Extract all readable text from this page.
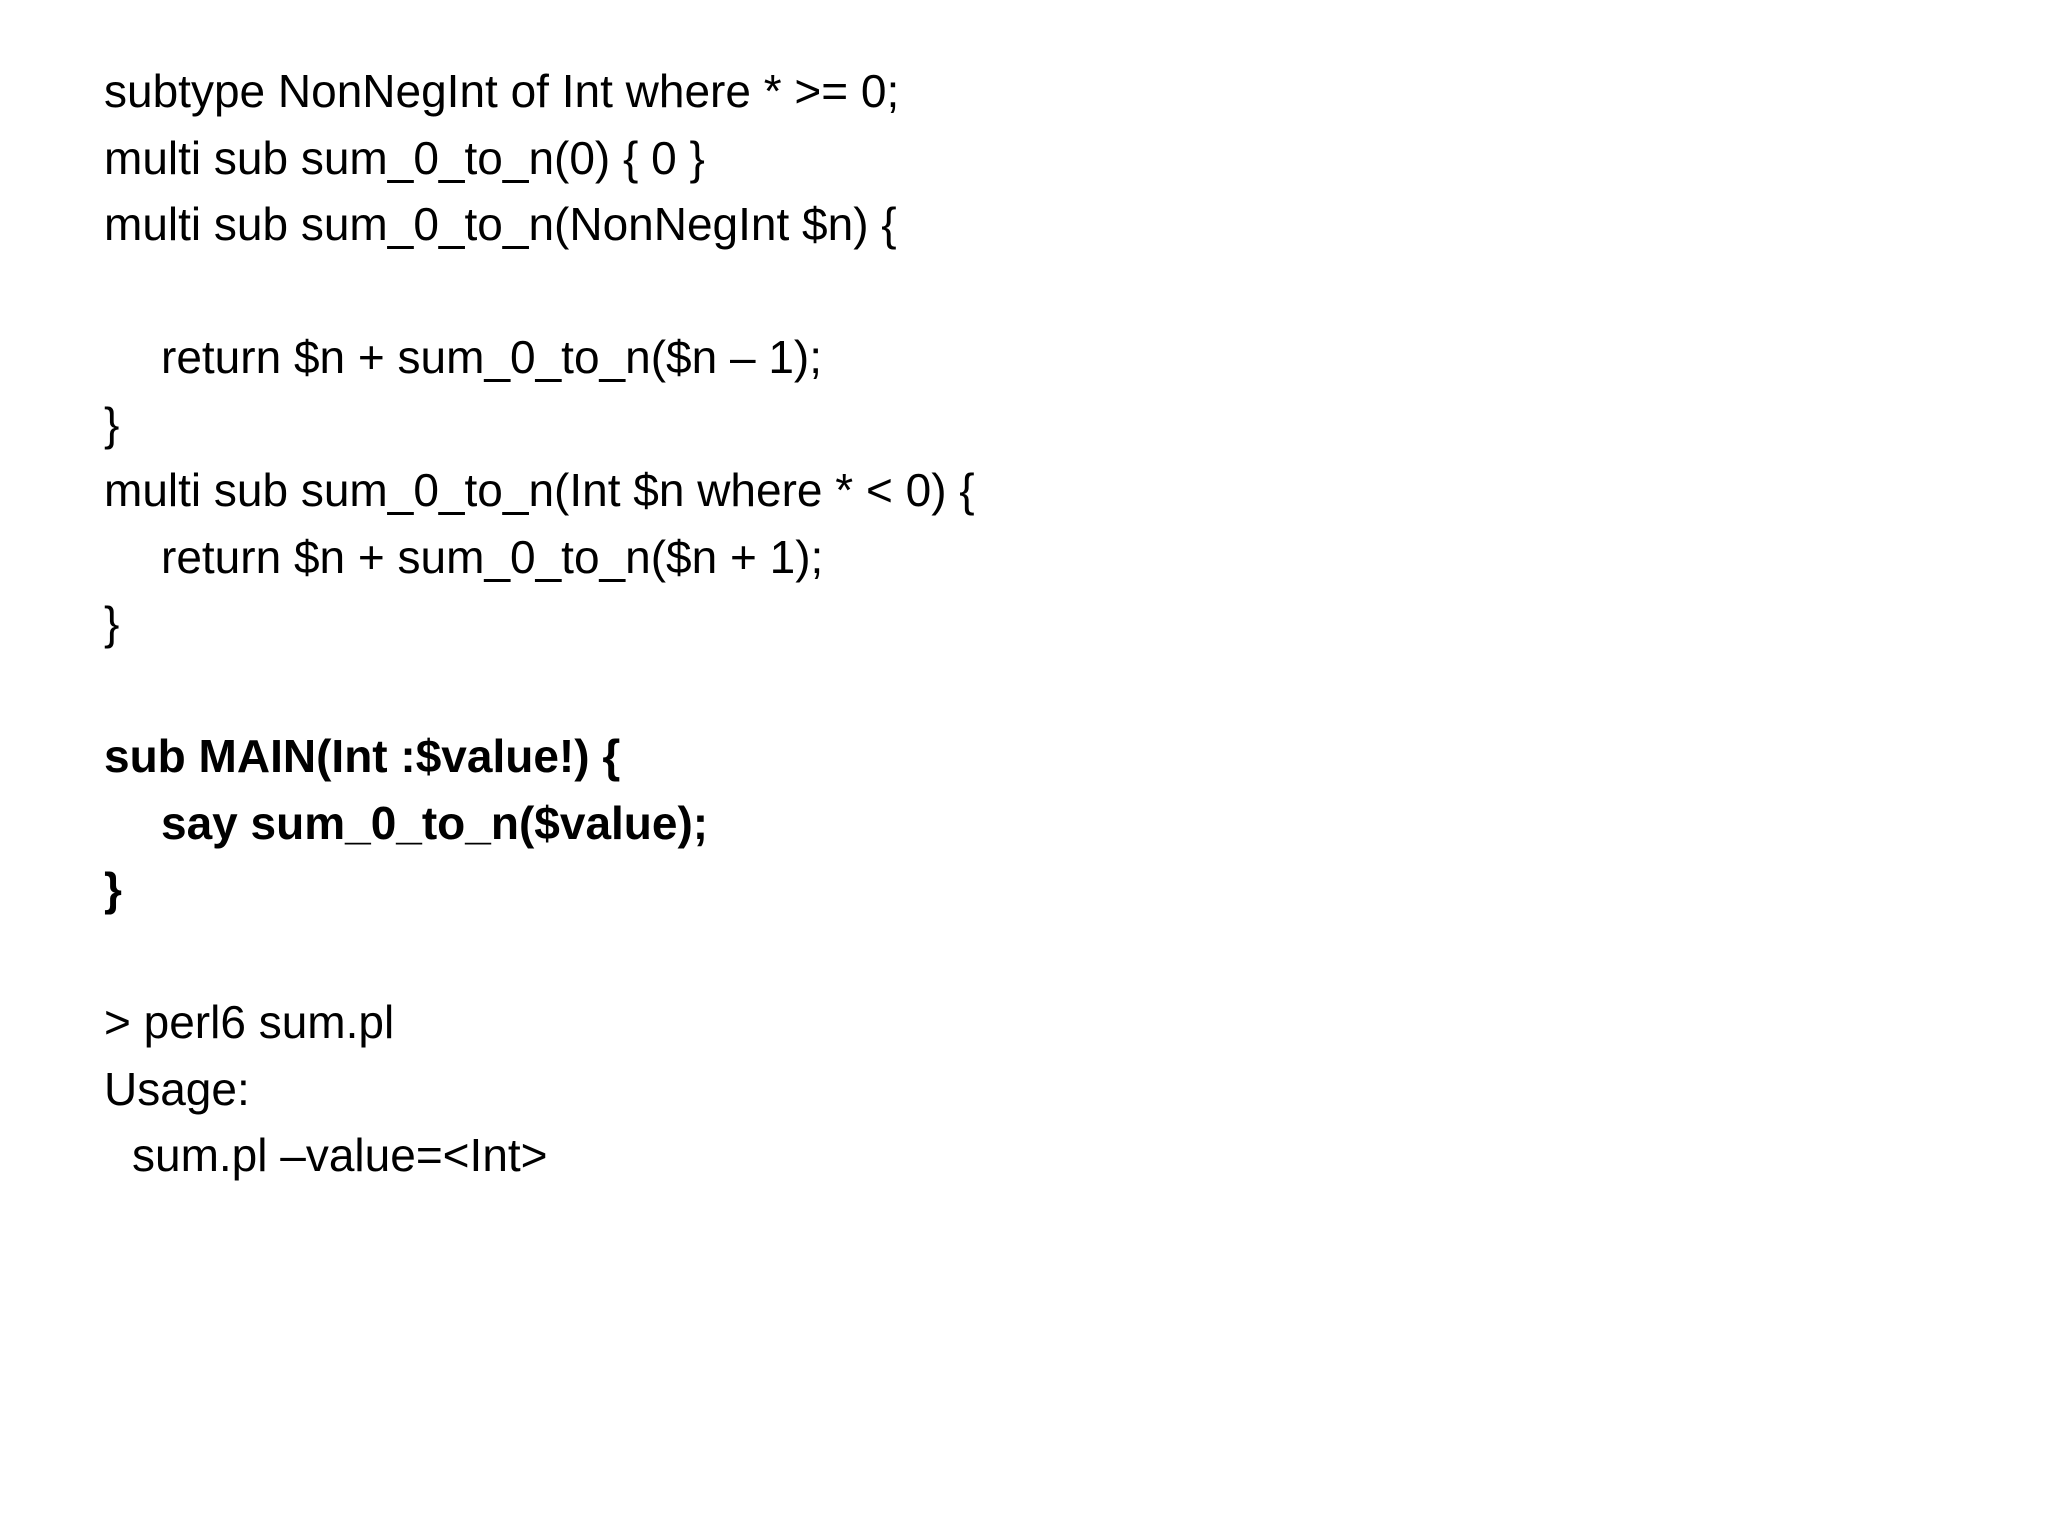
subtype NonNegInt of Int where * >= 0;
multi sub sum_0_to_n(0) { 0 }
multi sub sum_0_to_n(NonNegInt $n) {
return $n + sum_0_to_n($n – 1);
}
multi sub sum_0_to_n(Int $n where * < 0) {
return $n + sum_0_to_n($n + 1);
}
sub MAIN(Int :$value!) {
say sum_0_to_n($value);
}
> perl6 sum.pl
Usage:
sum.pl –value=<Int>
